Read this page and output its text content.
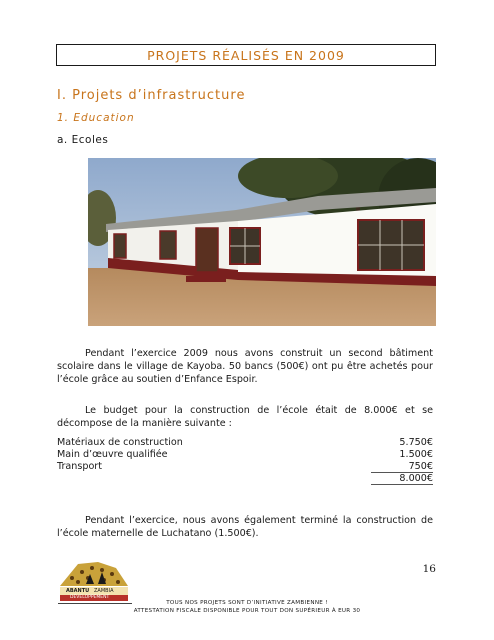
PROJETS RÉALISÉS EN 2009
I. Projets d’infrastructure
1. Education
a. Ecoles

Pendant l’exercice 2009 nous avons construit un second bâtiment scolaire dans le village de Kayoba. 50 bancs (500€) ont pu être achetés pour l’école grâce au soutien d’Enfance Espoir.

Le budget pour la construction de l’école était de 8.000€ et se décompose de la manière suivante :

Matériaux de construction	5.750€
Main d’œuvre qualifiée	1.500€
Transport	750€
8.000€

Pendant l’exercice, nous avons également terminé la construction de l’école maternelle de Luchatano (1.500€).

16
ABANTU ZAMBIA
DÉVELOPPEMENT
TOUS NOS PROJETS SONT D’INITIATIVE ZAMBIENNE !
ATTESTATION FISCALE DISPONIBLE POUR TOUT DON SUPÉRIEUR À EUR 30
